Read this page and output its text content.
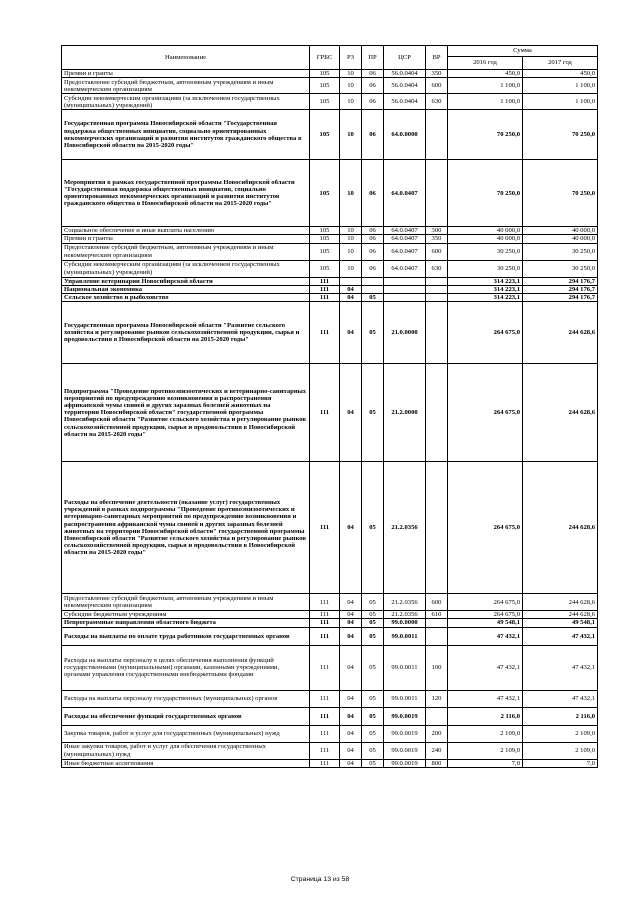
Наименование	ГРБС	РЗ	ПР	ЦСР	ВР	Сумма	
						2016 год	2017 год
Премии и гранты	105	10	06	56.0.0404	350	450,0	450,0
Предоставление субсидий бюджетным, автономным учреждениям и иным некоммерческим организациям	105	10	06	56.0.0404	600	1 100,0	1 100,0
Субсидии некоммерческим организациям (за исключением государственных (муниципальных) учреждений)	105	10	06	56.0.0404	630	1 100,0	1 100,0
Государственная программа Новосибирской области "Государственная поддержка общественных инициатив, социально ориентированных некоммерческих организаций и развития институтов гражданского общества в Новосибирской области на 2015-2020 годы"	105	10	06	64.0.0000		70 250,0	70 250,0
Мероприятия в рамках государственной программы Новосибирской области "Государственная поддержка общественных инициатив, социально ориентированных некоммерческих организаций и развития институтов гражданского общества в Новосибирской области на 2015-2020 годы"	105	10	06	64.0.0407		70 250,0	70 250,0
Социальное обеспечение и иные выплаты населению	105	10	06	64.0.0407	300	40 000,0	40 000,0
Премии и гранты	105	10	06	64.0.0407	350	40 000,0	40 000,0
Предоставление субсидий бюджетным, автономным учреждениям и иным некоммерческим организациям	105	10	06	64.0.0407	600	30 250,0	30 250,0
Субсидии некоммерческим организациям (за исключением государственных (муниципальных) учреждений)	105	10	06	64.0.0407	630	30 250,0	30 250,0
Управление ветеринарии Новосибирской области	111					314 223,1	294 176,7
Национальная экономика	111	04				314 223,1	294 176,7
Сельское хозяйство и рыболовство	111	04	05			314 223,1	294 176,7
Государственная программа Новосибирской области "Развитие сельского хозяйства и регулирование рынков сельскохозяйственной продукции, сырья и продовольствия в Новосибирской области на 2015-2020 годы"	111	04	05	21.0.0000		264 675,0	244 628,6
Подпрограмма "Проведение противоэпизоотических и ветеринарно-санитарных мероприятий по предупреждению возникновения и распространения африканской чумы свиней и других заразных болезней животных на территории Новосибирской области" государственной программы Новосибирской области "Развитие сельского хозяйства и регулирование рынков сельскохозяйственной продукции, сырья и продовольствия в Новосибирской области на 2015-2020 годы"	111	04	05	21.2.0000		264 675,0	244 628,6
Расходы на обеспечение деятельности (оказание услуг) государственных учреждений в рамках подпрограммы "Проведение противоэпизоотических и ветеринарно-санитарных мероприятий по предупреждению возникновения и распространения африканской чумы свиней и других заразных болезней животных на территории Новосибирской области" государственной программы Новосибирской области "Развитие сельского хозяйства и регулирование рынков сельскохозяйственной продукции, сырья и продовольствия в Новосибирской области на 2015-2020 годы"	111	04	05	21.2.0356		264 675,0	244 628,6
Предоставление субсидий бюджетным, автономным учреждениям и иным некоммерческим организациям	111	04	05	21.2.0356	600	264 675,0	244 628,6
Субсидии бюджетным учреждениям	111	04	05	21.2.0356	610	264 675,0	244 628,6
Непрограммные направления областного бюджета	111	04	05	99.0.0000		49 548,1	49 548,1
Расходы на выплаты по оплате труда работников государственных органов	111	04	05	99.0.0011		47 432,1	47 432,1
Расходы на выплаты персоналу в целях обеспечения выполнения функций государственными (муниципальными) органами, казенными учреждениями, органами управления государственными внебюджетными фондами	111	04	05	99.0.0011	100	47 432,1	47 432,1
Расходы на выплаты персоналу государственных (муниципальных) органов	111	04	05	99.0.0011	120	47 432,1	47 432,1
Расходы на обеспечение функций государственных органов	111	04	05	99.0.0019		2 116,0	2 116,0
Закупка товаров, работ и услуг для государственных (муниципальных) нужд	111	04	05	99.0.0019	200	2 109,0	2 109,0
Иные закупки товаров, работ и услуг для обеспечения государственных (муниципальных) нужд	111	04	05	99.0.0019	240	2 109,0	2 109,0
Иные бюджетные ассигнования	111	04	05	99.0.0019	800	7,0	7,0
Страница 13 из 58
